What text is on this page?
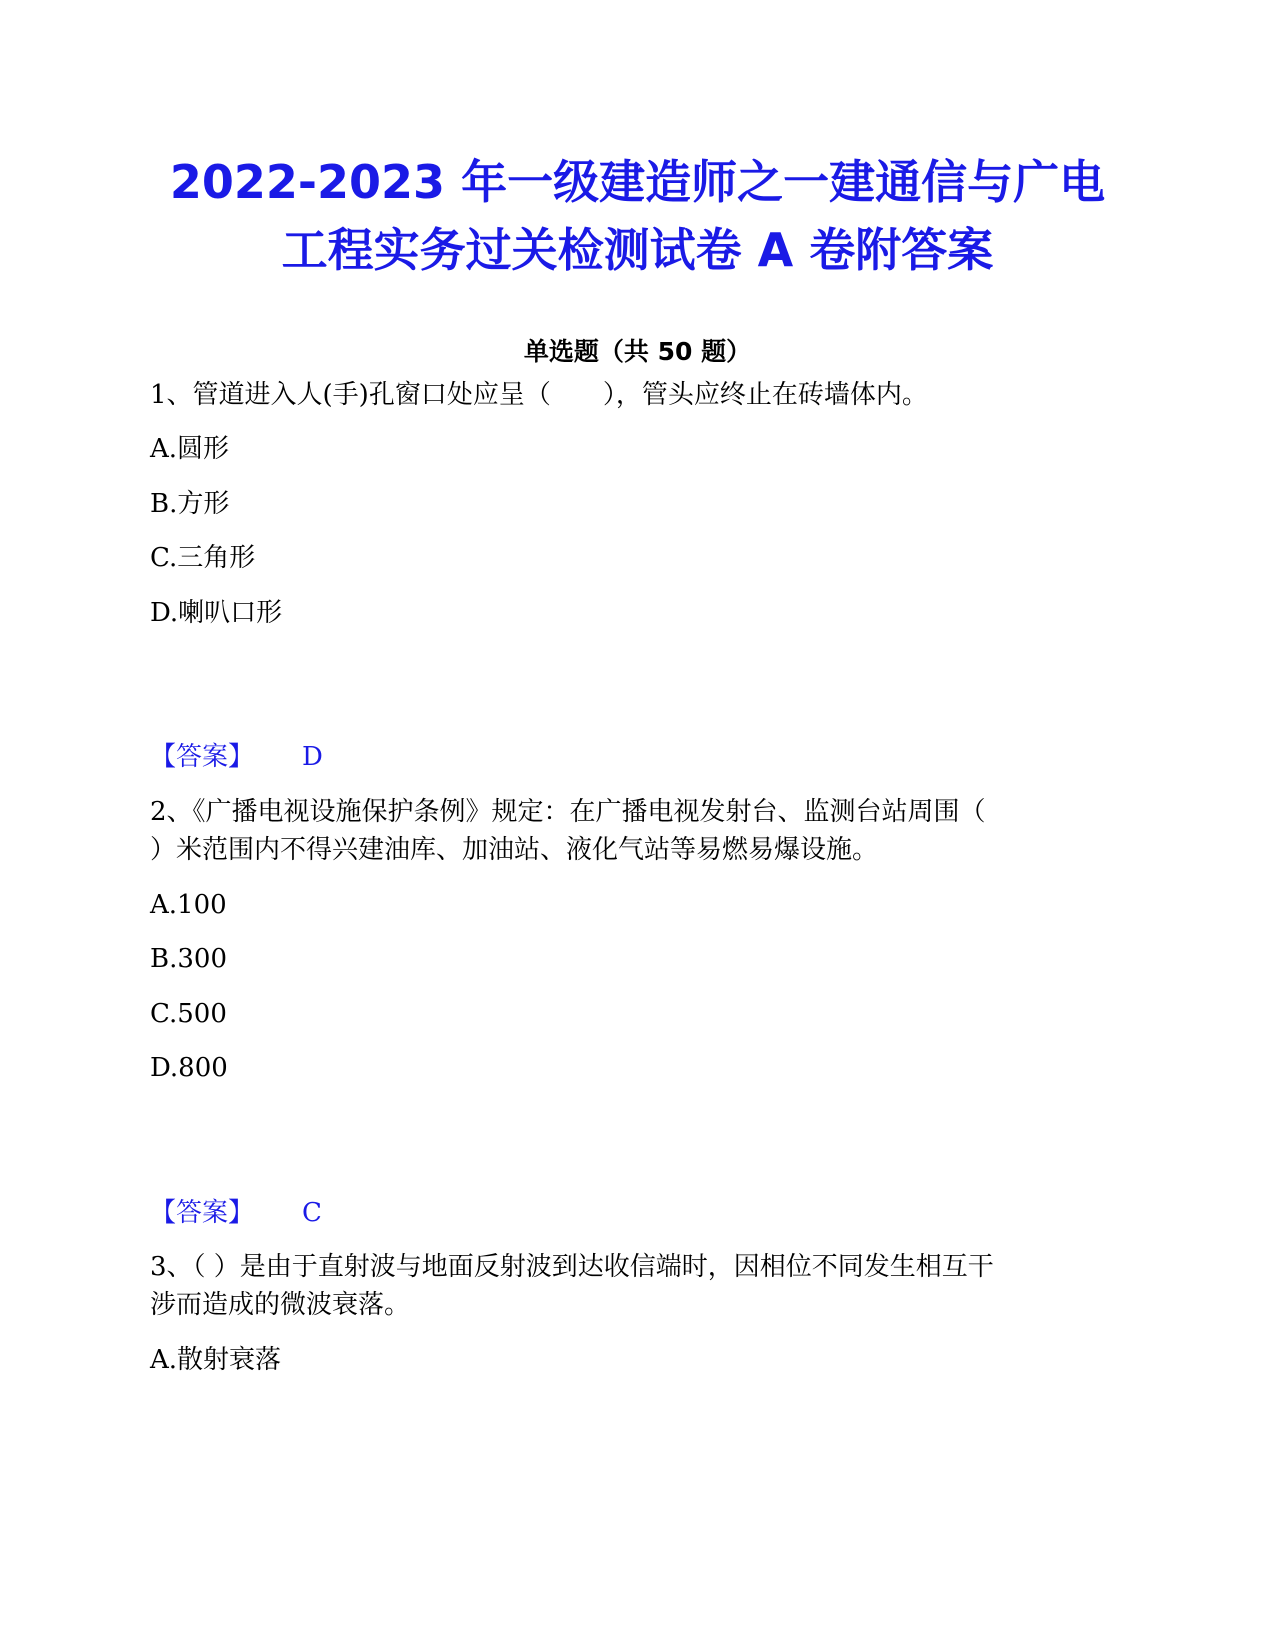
2022-2023 年一级建造师之一建通信与广电
工程实务过关检测试卷 A 卷附答案
单选题（共 50 题）
1、管道进入人(手)孔窗口处应呈（　　），管头应终止在砖墙体内。
A.圆形
B.方形
C.三角形
D.喇叭口形
【答案】 D
2、《广播电视设施保护条例》规定：在广播电视发射台、监测台站周围（
）米范围内不得兴建油库、加油站、液化气站等易燃易爆设施。
A.100
B.300
C.500
D.800
【答案】 C
3、（ ）是由于直射波与地面反射波到达收信端时，因相位不同发生相互干
涉而造成的微波衰落。
A.散射衰落
